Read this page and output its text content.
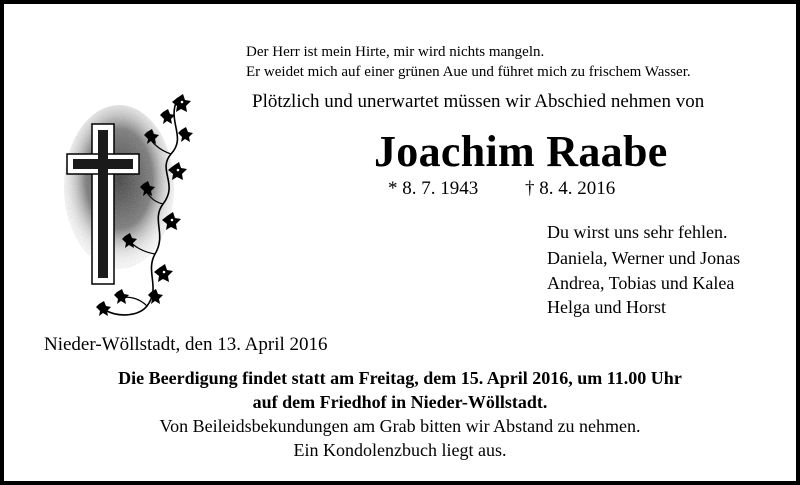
Der Herr ist mein Hirte, mir wird nichts mangeln.
Er weidet mich auf einer grünen Aue und führet mich zu frischem Wasser.
Plötzlich und unerwartet müssen wir Abschied nehmen von
Joachim Raabe
* 8. 7. 1943 † 8. 4. 2016
Du wirst uns sehr fehlen.
Daniela, Werner und Jonas
Andrea, Tobias und Kalea
Helga und Horst
Nieder-Wöllstadt, den 13. April 2016
Die Beerdigung findet statt am Freitag, dem 15. April 2016, um 11.00 Uhr
auf dem Friedhof in Nieder-Wöllstadt.
Von Beileidsbekundungen am Grab bitten wir Abstand zu nehmen.
Ein Kondolenzbuch liegt aus.
